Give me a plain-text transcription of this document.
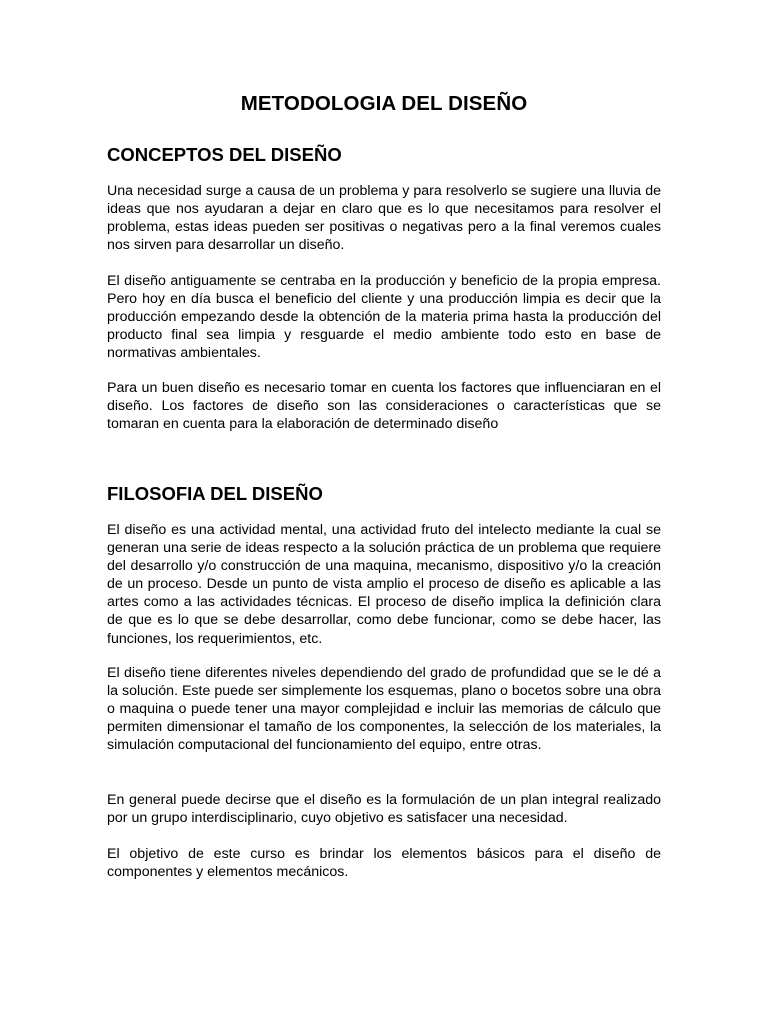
METODOLOGIA DEL DISEÑO
CONCEPTOS DEL DISEÑO

Una necesidad surge a causa de un problema y para resolverlo se sugiere una lluvia de ideas que nos ayudaran a dejar en claro que es lo que necesitamos para resolver el problema, estas ideas pueden ser positivas o negativas pero a la final veremos cuales nos sirven para desarrollar un diseño.

El diseño antiguamente se centraba en la producción y beneficio de la propia empresa. Pero hoy en día busca el beneficio del cliente y una producción limpia es decir que la producción empezando desde la obtención de la materia prima hasta la producción del producto final sea limpia y resguarde el medio ambiente todo esto en base de normativas ambientales.

Para un buen diseño es necesario tomar en cuenta los factores que influenciaran en el diseño. Los factores de diseño son las consideraciones o características que se tomaran en cuenta para la elaboración de determinado diseño

FILOSOFIA DEL DISEÑO

El diseño es una actividad mental, una actividad fruto del intelecto mediante la cual se generan una serie de ideas respecto a la solución práctica de un problema que requiere del desarrollo y/o construcción de una maquina, mecanismo, dispositivo y/o la creación de un proceso. Desde un punto de vista amplio el proceso de diseño es aplicable a las artes como a las actividades técnicas. El proceso de diseño implica la definición clara de que es lo que se debe desarrollar, como debe funcionar, como se debe hacer, las funciones, los requerimientos, etc.

El diseño tiene diferentes niveles dependiendo del grado de profundidad que se le dé a la solución. Este puede ser simplemente los esquemas, plano o bocetos sobre una obra o maquina o puede tener una mayor complejidad e incluir las memorias de cálculo que permiten dimensionar el tamaño de los componentes, la selección de los materiales, la simulación computacional del funcionamiento del equipo, entre otras.

En general puede decirse que el diseño es la formulación de un plan integral realizado por un grupo interdisciplinario, cuyo objetivo es satisfacer una necesidad.

El objetivo de este curso es brindar los elementos básicos para el diseño de componentes y elementos mecánicos.
